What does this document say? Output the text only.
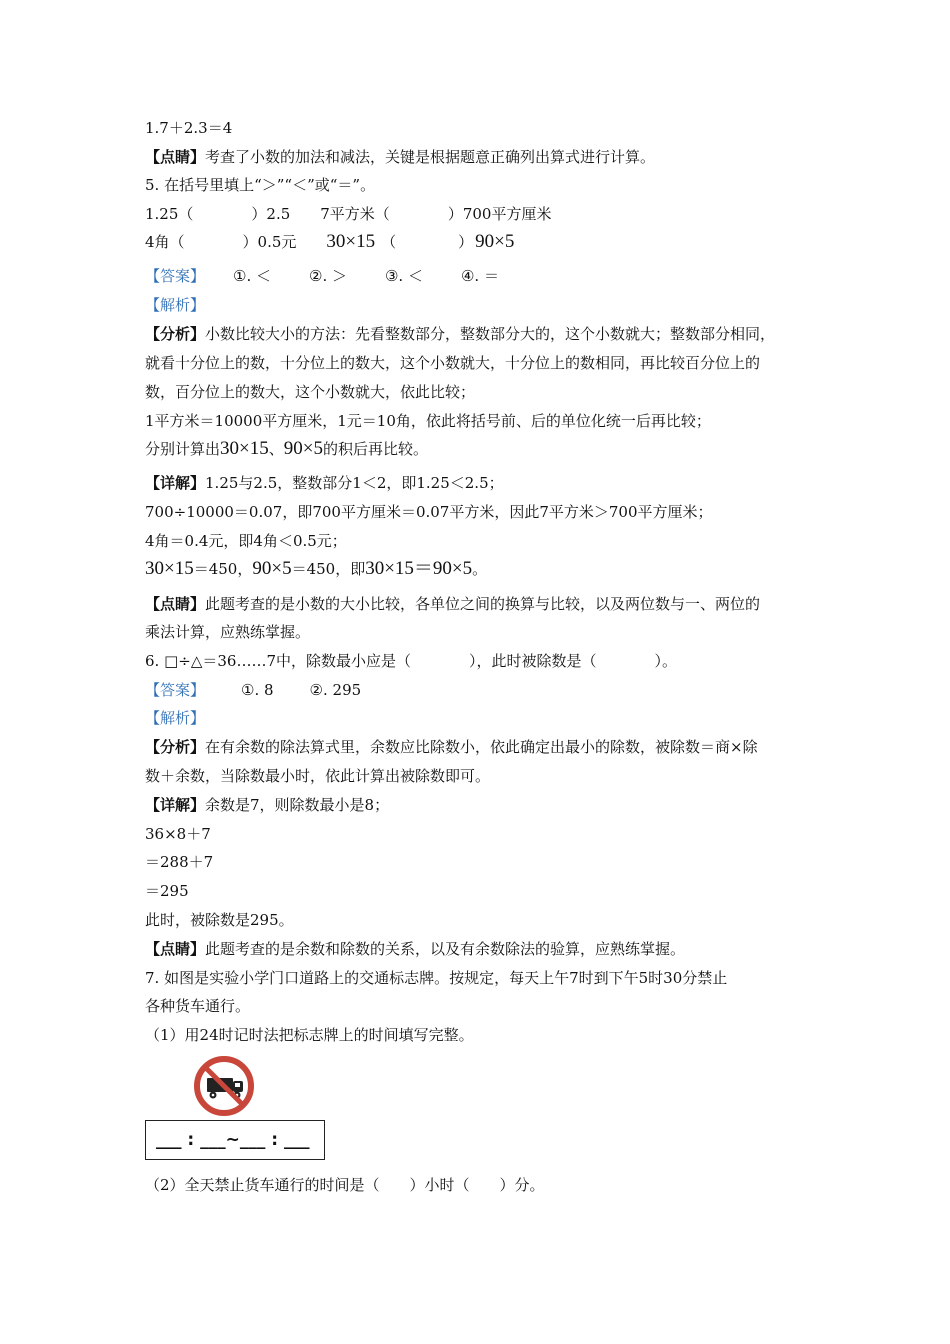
1.7＋2.3＝4
【点睛】考查了小数的加法和减法，关键是根据题意正确列出算式进行计算。
5. 在括号里填上“＞”“＜”或“＝”。
1.25（	）2.5 7平方米（	）700平方厘米
4角（	）0.5元 30×15 （	） 90×5
【答案】 ①. ＜	②. ＞	③. ＜	④. ＝
【解析】
【分析】小数比较大小的方法：先看整数部分，整数部分大的，这个小数就大；整数部分相同，
就看十分位上的数，十分位上的数大，这个小数就大，十分位上的数相同，再比较百分位上的
数，百分位上的数大，这个小数就大，依此比较；
1平方米＝10000平方厘米，1元＝10角，依此将括号前、后的单位化统一后再比较；
分别计算出30×15、90×5的积后再比较。
【详解】1.25与2.5，整数部分1＜2，即1.25＜2.5；
700÷10000＝0.07，即700平方厘米＝0.07平方米，因此7平方米＞700平方厘米；
4角＝0.4元，即4角＜0.5元；
30×15＝450，90×5＝450，即30×15＝90×5。
【点睛】此题考查的是小数的大小比较，各单位之间的换算与比较，以及两位数与一、两位的
乘法计算，应熟练掌握。
6. □÷△＝36……7中，除数最小应是（	），此时被除数是（	）。
【答案】 ①. 8 ②. 295
【解析】
【分析】在有余数的除法算式里，余数应比除数小，依此确定出最小的除数，被除数＝商×除
数＋余数，当除数最小时，依此计算出被除数即可。
【详解】余数是7，则除数最小是8；
36×8＋7
＝288＋7
＝295
此时，被除数是295。
【点睛】此题考查的是余数和除数的关系，以及有余数除法的验算，应熟练掌握。
7. 如图是实验小学门口道路上的交通标志牌。按规定，每天上午7时到下午5时30分禁止
各种货车通行。
（1）用24时记时法把标志牌上的时间填写完整。
___ : ___~___ : ___
（2）全天禁止货车通行的时间是（　　）小时（　　）分。
